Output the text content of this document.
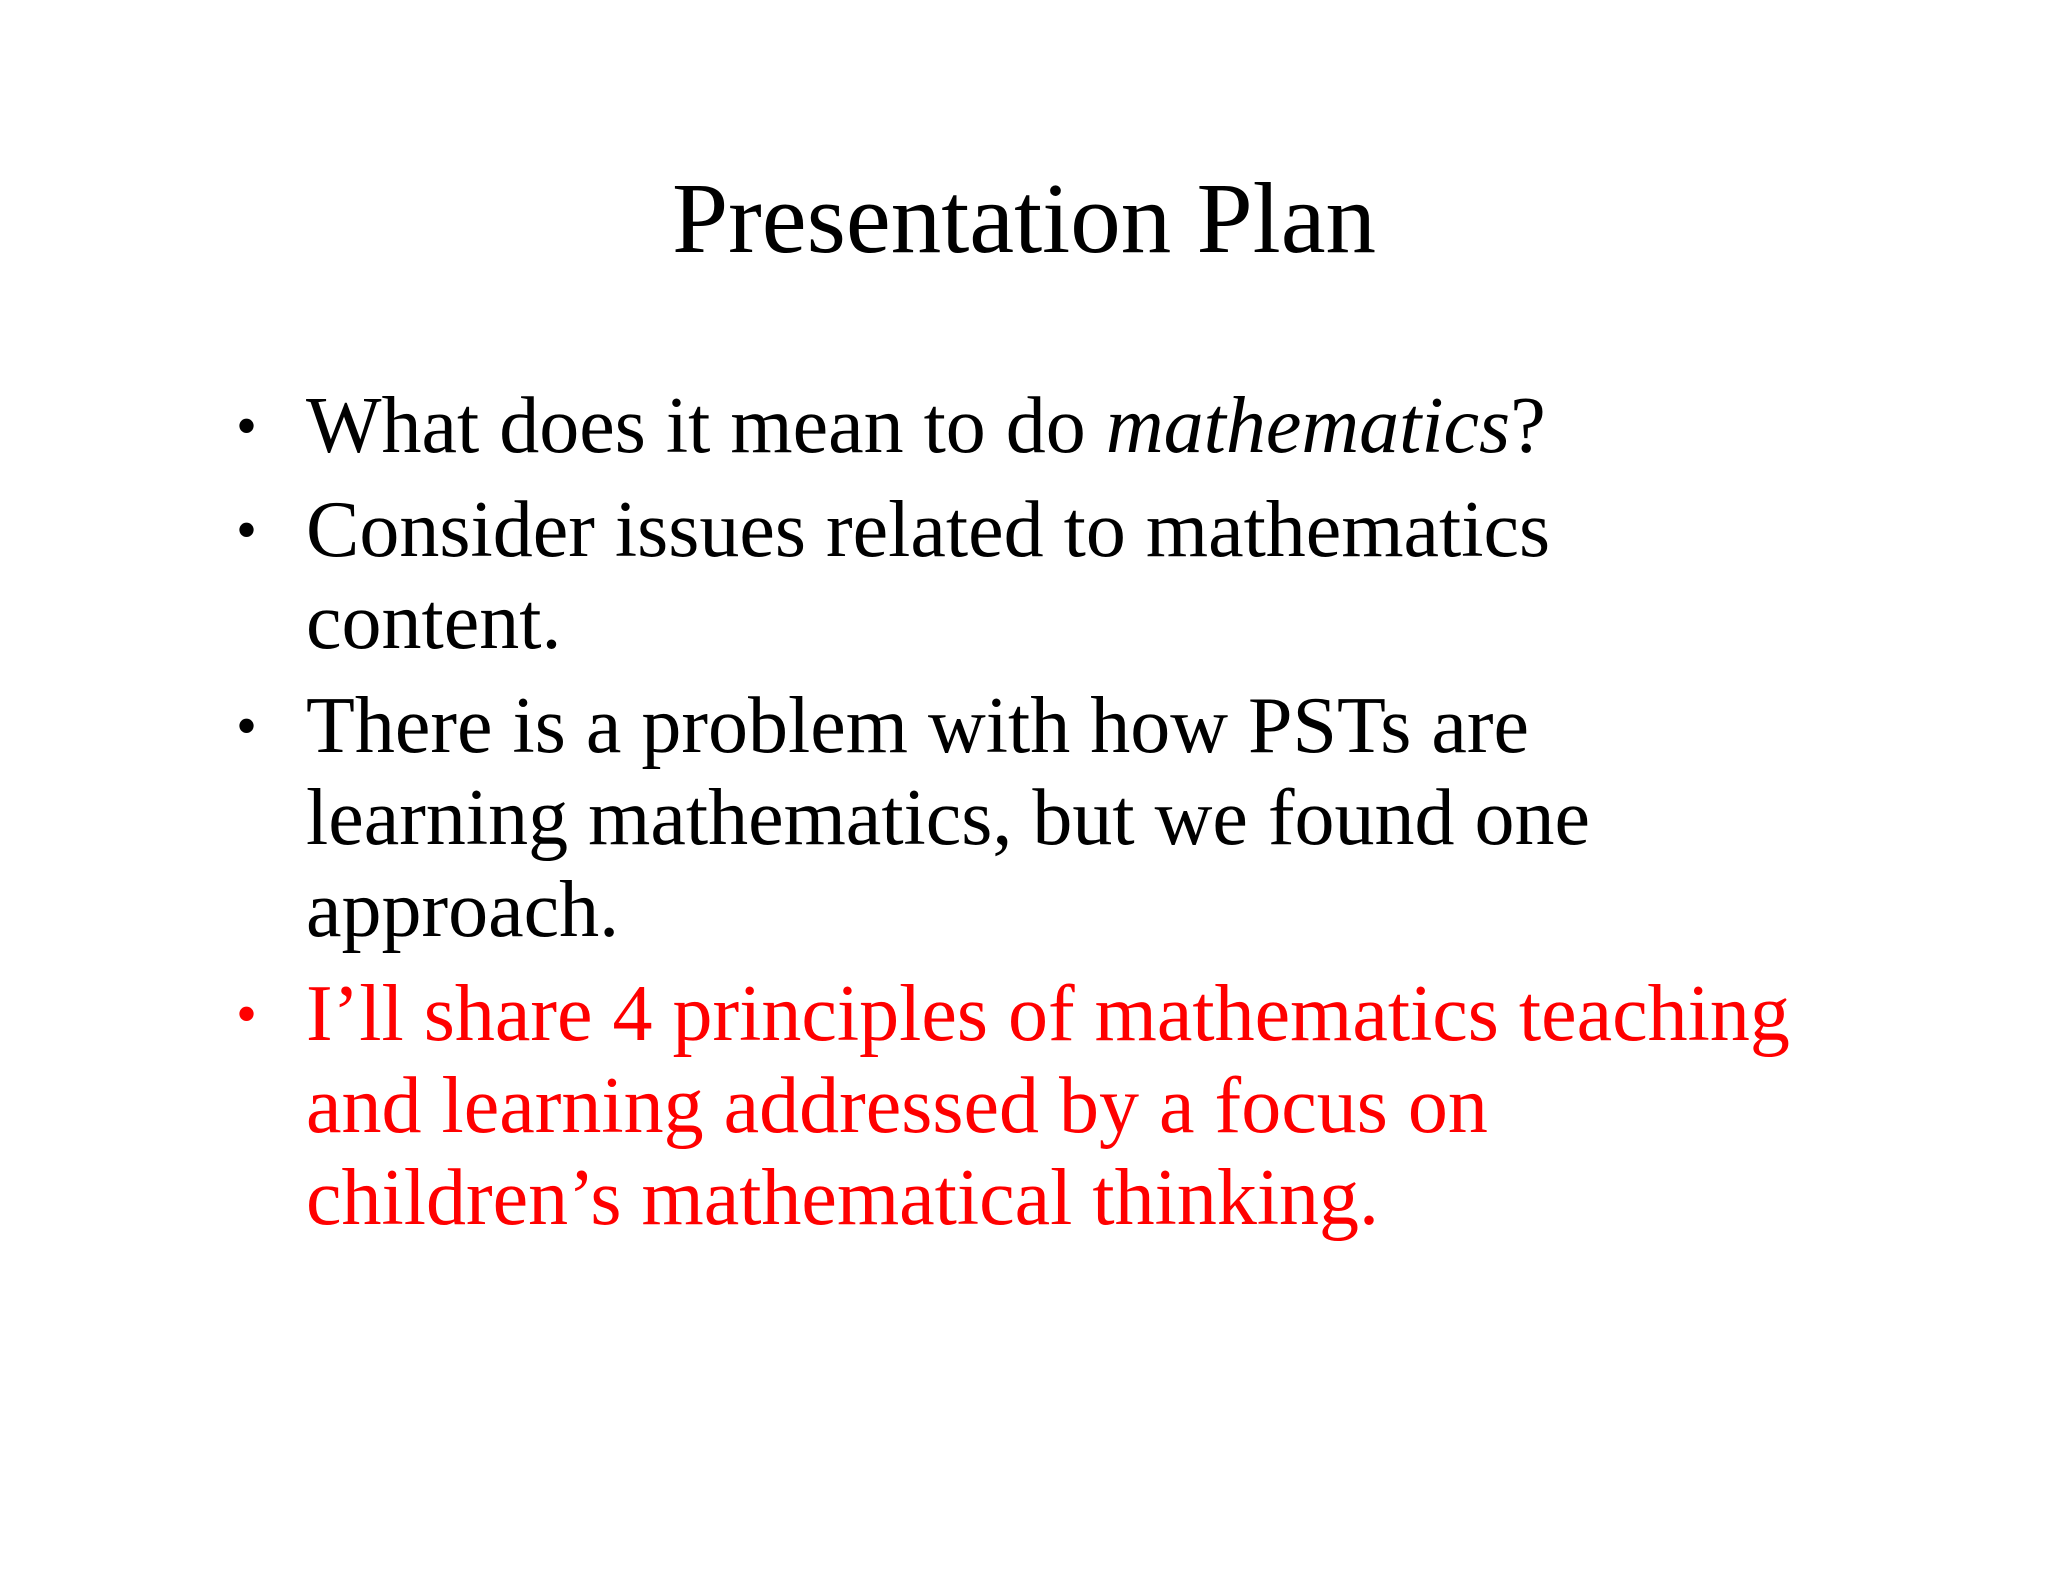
Presentation Plan
• What does it mean to do mathematics?
• Consider issues related to mathematics content.
• There is a problem with how PSTs are learning mathematics, but we found one approach.
• I’ll share 4 principles of mathematics teaching and learning addressed by a focus on children’s mathematical thinking.
